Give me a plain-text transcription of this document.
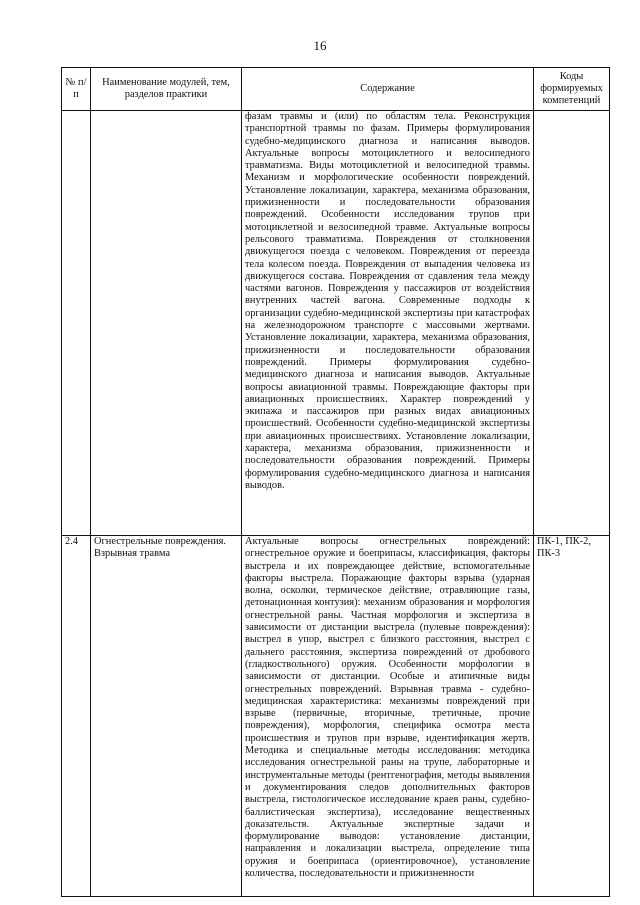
16
№ п/п	Наименование модулей, тем, разделов практики	Содержание	Коды формируемых компетенций
		фазам травмы и (или) по областям тела. Реконструкция транспортной травмы по фазам. Примеры формулирования судебно-медицинского диагноза и написания выводов. Актуальные вопросы мотоциклетного и велосипедного травматизма. Виды мотоциклетной и велосипедной травмы. Механизм и морфологические особенности повреждений. Установление локализации, характера, механизма образования, прижизненности и последовательности образования повреждений. Особенности исследования трупов при мотоциклетной и велосипедной травме. Актуальные вопросы рельсового травматизма. Повреждения от столкновения движущегося поезда с человеком. Повреждения от переезда тела колесом поезда. Повреждения от выпадения человека из движущегося состава. Повреждения от сдавления тела между частями вагонов. Повреждения у пассажиров от воздействия внутренних частей вагона. Современные подходы к организации судебно-медицинской экспертизы при катастрофах на железнодорожном транспорте с массовыми жертвами. Установление локализации, характера, механизма образования, прижизненности и последовательности образования повреждений. Примеры формулирования судебно-медицинского диагноза и написания выводов. Актуальные вопросы авиационной травмы. Повреждающие факторы при авиационных происшествиях. Характер повреждений у экипажа и пассажиров при разных видах авиационных происшествий. Особенности судебно-медицинской экспертизы при авиационных происшествиях. Установление локализации, характера, механизма образования, прижизненности и последовательности образования повреждений. Примеры формулирования судебно-медицинского диагноза и написания выводов.	
2.4	Огнестрельные повреждения. Взрывная травма	Актуальные вопросы огнестрельных повреждений: огнестрельное оружие и боеприпасы, классификация, факторы выстрела и их повреждающее действие, вспомогательные факторы выстрела. Поражающие факторы взрыва (ударная волна, осколки, термическое действие, отравляющие газы, детонационная контузия): механизм образования и морфология огнестрельной раны. Частная морфология и экспертиза в зависимости от дистанции выстрела (пулевые повреждения): выстрел в упор, выстрел с близкого расстояния, выстрел с дальнего расстояния, экспертиза повреждений от дробового (гладкоствольного) оружия. Особенности морфологии в зависимости от дистанции. Особые и атипичные виды огнестрельных повреждений. Взрывная травма - судебно-медицинская характеристика: механизмы повреждений при взрыве (первичные, вторичные, третичные, прочие повреждения), морфология, специфика осмотра места происшествия и трупов при взрыве, идентификация жертв. Методика и специальные методы исследования: методика исследования огнестрельной раны на трупе, лабораторные и инструментальные методы (рентгенография, методы выявления и документирования следов дополнительных факторов выстрела, гистологическое исследование краев раны, судебно-баллистическая экспертиза), исследование вещественных доказательств. Актуальные экспертные задачи и формулирование выводов: установление дистанции, направления и локализации выстрела, определение типа оружия и боеприпаса (ориентировочное), установление количества, последовательности и прижизненности	ПК-1, ПК-2, ПК-3
